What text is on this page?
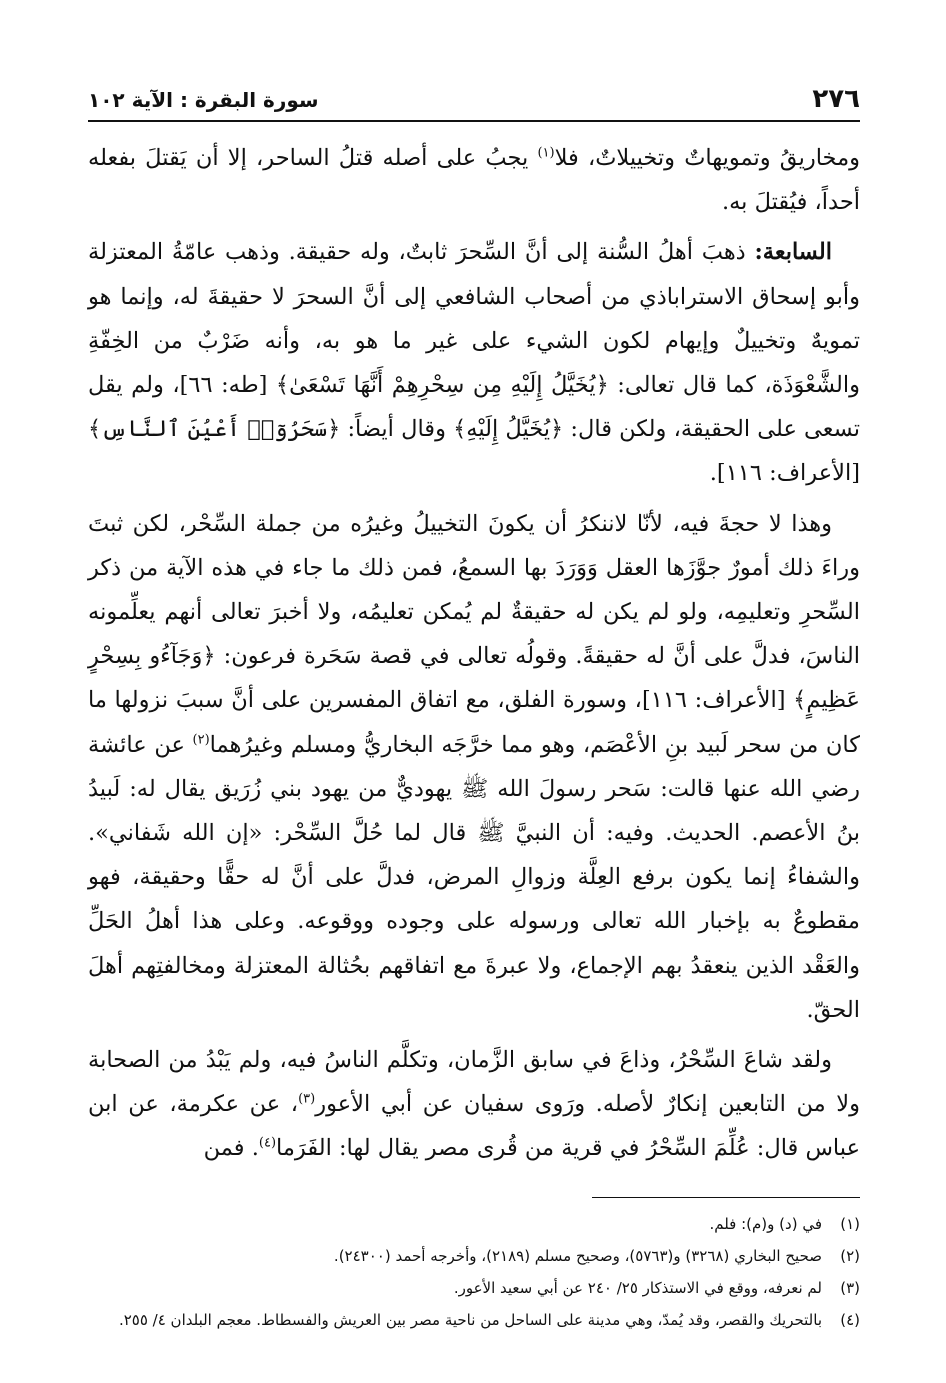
٢٧٦
سورة البقرة : الآية ١٠٢

ومخاريقُ وتمويهاتٌ وتخييلاتٌ، فلا$^{(١)}$ يجبُ على أصله قتلُ الساحر، إلا أن يَقتلَ بفعله أحداً، فيُقتلَ به.

السابعة: ذهبَ أهلُ السُّنة إلى أنَّ السِّحرَ ثابتٌ، وله حقيقة. وذهب عامّةُ المعتزلة وأبو إسحاق الاستراباذي من أصحاب الشافعي إلى أنَّ السحرَ لا حقيقةَ له، وإنما هو تمويهٌ وتخييلٌ وإيهام لكون الشيء على غير ما هو به، وأنه ضَرْبٌ من الخِفّةِ والشَّعْوَذَة، كما قال تعالى: ﴿يُخَيَّلُ إِلَيْهِ مِن سِحْرِهِمْ أَنَّهَا تَسْعَىٰ﴾ [طه: ٦٦]، ولم يقل تسعى على الحقيقة، ولكن قال: ﴿يُخَيَّلُ إِلَيْهِ﴾ وقال أيضاً: ﴿سَحَرُوٓا۟ أَعْيُنَ ٱلنَّاسِ﴾ [الأعراف: ١١٦].

وهذا لا حجةَ فيه، لأنّا لاننكرُ أن يكونَ التخييلُ وغيرُه من جملة السِّحْر، لكن ثبتَ وراءَ ذلك أمورٌ جوَّزَها العقل وَوَرَدَ بها السمعُ، فمن ذلك ما جاء في هذه الآية من ذكر السِّحرِ وتعليمِه، ولو لم يكن له حقيقةٌ لم يُمكن تعليمُه، ولا أخبرَ تعالى أنهم يعلِّمونه الناسَ، فدلَّ على أنَّ له حقيقةً. وقولُه تعالى في قصة سَحَرة فرعون: ﴿وَجَآءُو بِسِحْرٍ عَظِيمٍ﴾ [الأعراف: ١١٦]، وسورة الفلق، مع اتفاق المفسرين على أنَّ سببَ نزولها ما كان من سحر لَبيد بنِ الأعْصَم، وهو مما خرَّجَه البخاريُّ ومسلم وغيرُهما$^{(٢)}$ عن عائشة رضي الله عنها قالت: سَحر رسولَ الله ﷺ يهوديٌّ من يهود بني زُرَيق يقال له: لَبيدُ بنُ الأعصم. الحديث. وفيه: أن النبيَّ ﷺ قال لما حُلَّ السِّحْر: «إن الله شَفاني». والشفاءُ إنما يكون برفع العِلَّة وزوالِ المرض، فدلَّ على أنَّ له حقًّا وحقيقة، فهو مقطوعٌ به بإخبار الله تعالى ورسوله على وجوده ووقوعه. وعلى هذا أهلُ الحَلِّ والعَقْد الذين ينعقدُ بهم الإجماع، ولا عبرةَ مع اتفاقهم بحُثالة المعتزلة ومخالفتِهم أهلَ الحقّ.

ولقد شاعَ السِّحْرُ، وذاعَ في سابق الزَّمان، وتكلَّم الناسُ فيه، ولم يَبْدُ من الصحابة ولا من التابعين إنكارٌ لأصله. ورَوى سفيان عن أبي الأعور$^{(٣)}$، عن عكرمة، عن ابن عباس قال: عُلِّمَ السِّحْرُ في قرية من قُرى مصر يقال لها: الفَرَما$^{(٤)}$. فمن

(١)
في (د) و(م): فلم.
(٢)
صحيح البخاري (٣٢٦٨) و(٥٧٦٣)، وصحيح مسلم (٢١٨٩)، وأخرجه أحمد (٢٤٣٠٠).
(٣)
لم نعرفه، ووقع في الاستذكار ٢٥/ ٢٤٠ عن أبي سعيد الأعور.
(٤)
بالتحريك والقصر، وقد يُمدّ، وهي مدينة على الساحل من ناحية مصر بين العريش والفسطاط. معجم البلدان ٤/ ٢٥٥.
